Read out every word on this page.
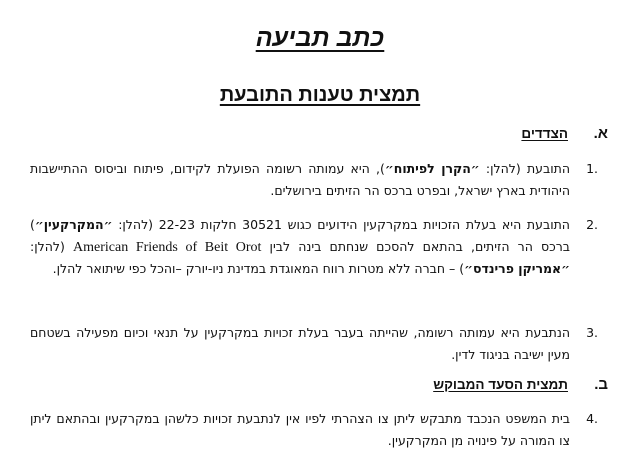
כתב תביעה
תמצית טענות התובעת
א.הצדדים
.1
התובעת (להלן: ״הקרן לפיתוח״), היא עמותה רשומה הפועלת לקידום, פיתוח וביסוס ההתיישבות היהודית בארץ ישראל, ובפרט ברכס הר הזיתים בירושלים.
.2
התובעת היא בעלת הזכויות במקרקעין הידועים כגוש 30521 חלקות 22-23 (להלן: ״המקרקעין״) ברכס הר הזיתים, בהתאם להסכם שנחתם בינה לבין American Friends of Beit Orot (להלן: ״אמריקן פרינדס״) – חברה ללא מטרות רווח המאוגדת במדינת ניו-יורק –והכל כפי שיתואר להלן.
.3
הנתבעת היא עמותה רשומה, שהייתה בעבר בעלת זכויות במקרקעין על תנאי וכיום מפעילה בשטחם מעין ישיבה בניגוד לדין.
ב.תמצית הסעד המבוקש
.4
בית המשפט הנכבד מתבקש ליתן צו הצהרתי לפיו אין לנתבעת זכויות כלשהן במקרקעין ובהתאם ליתן צו המורה על פינויה מן המקרקעין.
